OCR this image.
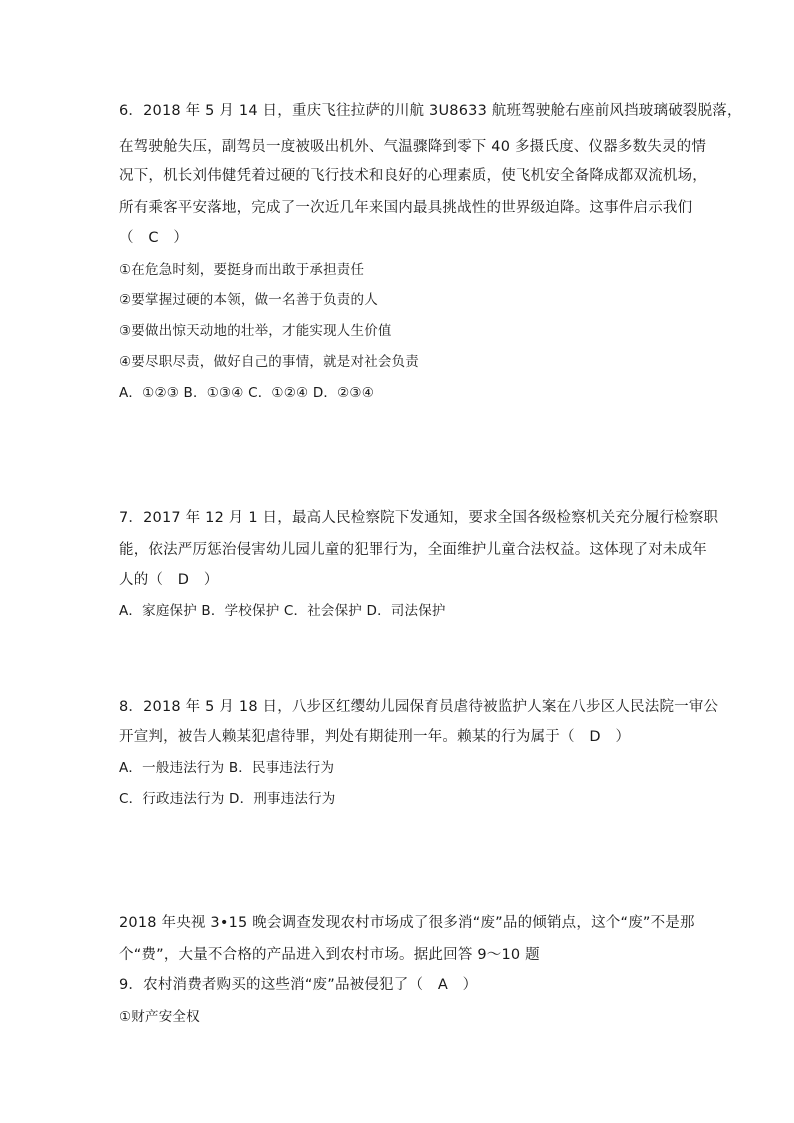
6．2018 年 5 月 14 日，重庆飞往拉萨的川航 3U8633 航班驾驶舱右座前风挡玻璃破裂脱落，
在驾驶舱失压，副驾员一度被吸出机外、气温骤降到零下 40 多摄氏度、仪器多数失灵的情
况下，机长刘伟健凭着过硬的飞行技术和良好的心理素质，使飞机安全备降成都双流机场，
所有乘客平安落地，完成了一次近几年来国内最具挑战性的世界级迫降。这事件启示我们
（　C　）
①在危急时刻，要挺身而出敢于承担责任
②要掌握过硬的本领，做一名善于负责的人
③要做出惊天动地的壮举，才能实现人生价值
④要尽职尽责，做好自己的事情，就是对社会负责
A．①②③ B．①③④ C．①②④ D．②③④
7．2017 年 12 月 1 日，最高人民检察院下发通知，要求全国各级检察机关充分履行检察职
能，依法严厉惩治侵害幼儿园儿童的犯罪行为，全面维护儿童合法权益。这体现了对未成年
人的（　D　）
A．家庭保护 B．学校保护 C．社会保护 D．司法保护
8．2018 年 5 月 18 日，八步区红缨幼儿园保育员虐待被监护人案在八步区人民法院一审公
开宣判，被告人赖某犯虐待罪，判处有期徒刑一年。赖某的行为属于（　D　）
A．一般违法行为 B．民事违法行为
C．行政违法行为 D．刑事违法行为
2018 年央视 3•15 晚会调查发现农村市场成了很多消“废”品的倾销点，这个“废”不是那
个“费”，大量不合格的产品进入到农村市场。据此回答 9～10 题
9．农村消费者购买的这些消“废”品被侵犯了（　A　）
①财产安全权
